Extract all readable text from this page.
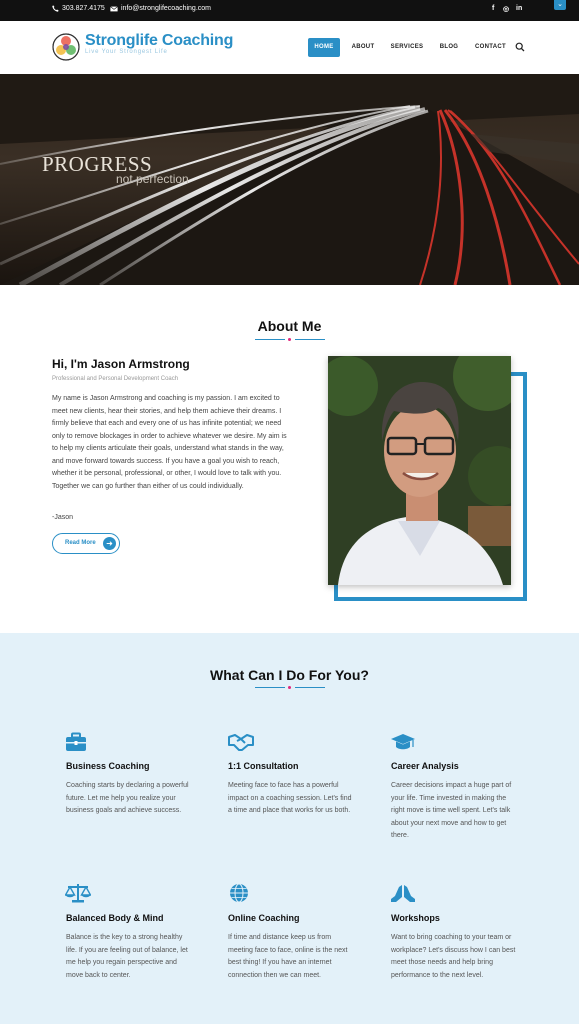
303.827.4175 info@stronglifecoaching.com	f ◎ in
⌄
Stronglife Coaching
Live Your Strongest Life
HOME	ABOUT	SERVICES	BLOG	CONTACT
PROGRESS
not perfection
About Me
Hi, I'm Jason Armstrong
Professional and Personal Development Coach
My name is Jason Armstrong and coaching is my passion. I am excited to meet new clients, hear their stories, and help them achieve their dreams. I firmly believe that each and every one of us has infinite potential; we need only to remove blockages in order to achieve whatever we desire. My aim is to help my clients articulate their goals, understand what stands in the way, and move forward towards success. If you have a goal you wish to reach, whether it be personal, professional, or other, I would love to talk with you. Together we can go further than either of us could individually.
-Jason
Read More	➜
What Can I Do For You?
Business Coaching
Coaching starts by declaring a powerful future. Let me help you realize your business goals and achieve success.
1:1 Consultation
Meeting face to face has a powerful impact on a coaching session. Let's find a time and place that works for us both.
Career Analysis
Career decisions impact a huge part of your life. Time invested in making the right move is time well spent. Let's talk about your next move and how to get there.
Balanced Body & Mind
Balance is the key to a strong healthy life. If you are feeling out of balance, let me help you regain perspective and move back to center.
Online Coaching
If time and distance keep us from meeting face to face, online is the next best thing! If you have an internet connection then we can meet.
Workshops
Want to bring coaching to your team or workplace? Let's discuss how I can best meet those needs and help bring performance to the next level.
